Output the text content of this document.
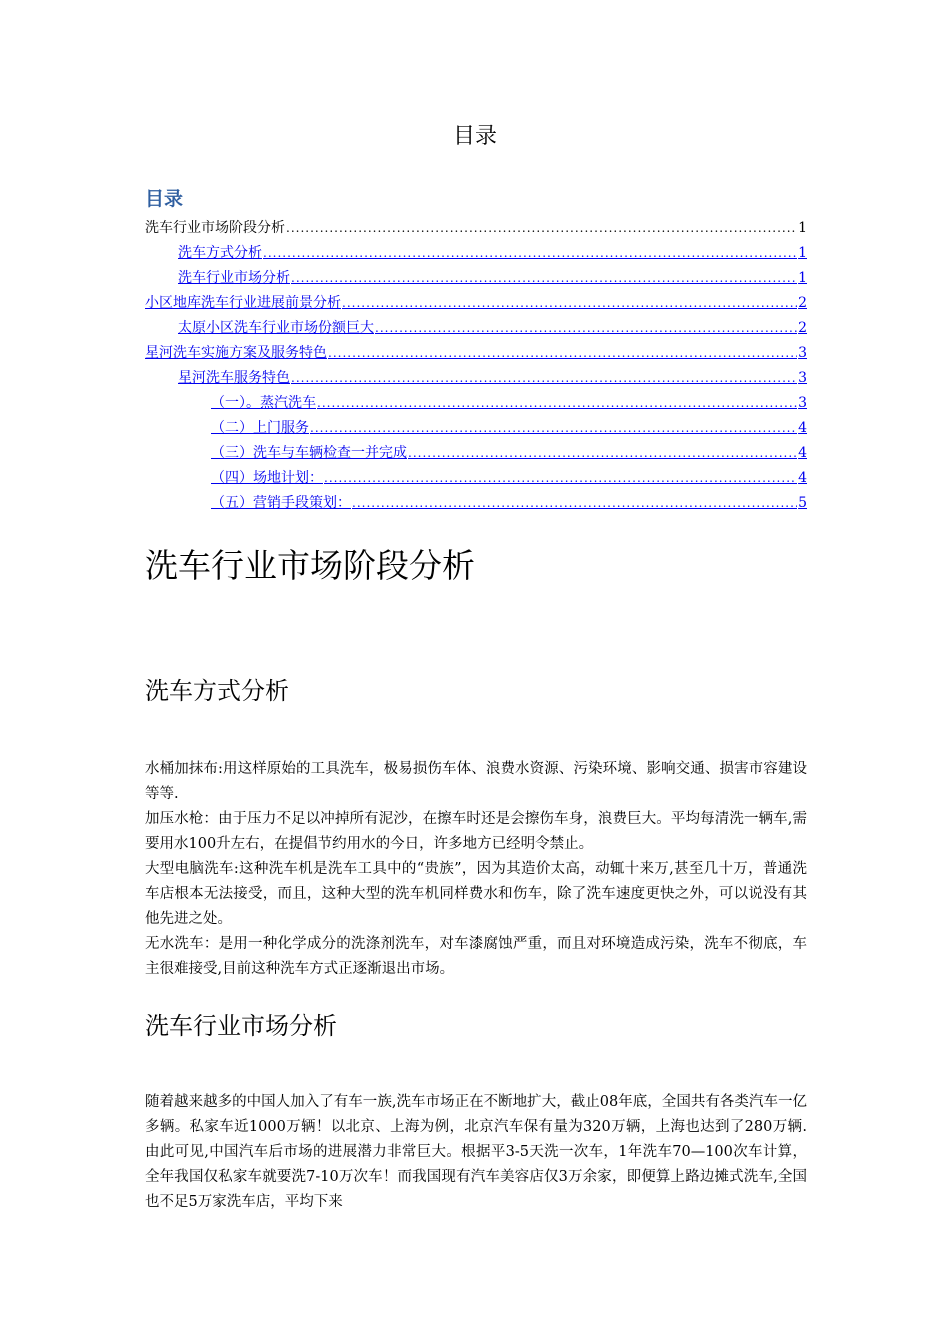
目录
目录
洗车行业市场阶段分析 .....	1
洗车方式分析 .....	1
洗车行业市场分析 .....	1
小区地库洗车行业进展前景分析 .....	2
太原小区洗车行业市场份额巨大 .....	2
星河洗车实施方案及服务特色 .....	3
星河洗车服务特色 .....	3
（一）。蒸汽洗车 .....	3
（二）上门服务 .....	4
（三）洗车与车辆检查一并完成 .....	4
（四）场地计划： .....	4
（五）营销手段策划： .....	5
洗车行业市场阶段分析
洗车方式分析

水桶加抹布:用这样原始的工具洗车，极易损伤车体、浪费水资源、污染环境、影响交通、损害市容建设等等.

加压水枪：由于压力不足以冲掉所有泥沙，在擦车时还是会擦伤车身，浪费巨大。平均每清洗一辆车,需要用水100升左右，在提倡节约用水的今日，许多地方已经明令禁止。

大型电脑洗车:这种洗车机是洗车工具中的“贵族”，因为其造价太高，动辄十来万,甚至几十万，普通洗车店根本无法接受，而且，这种大型的洗车机同样费水和伤车，除了洗车速度更快之外，可以说没有其他先进之处。

无水洗车：是用一种化学成分的洗涤剂洗车，对车漆腐蚀严重，而且对环境造成污染，洗车不彻底，车主很难接受,目前这种洗车方式正逐渐退出市场。

洗车行业市场分析

随着越来越多的中国人加入了有车一族,洗车市场正在不断地扩大，截止08年底，全国共有各类汽车一亿多辆。私家车近1000万辆！以北京、上海为例，北京汽车保有量为320万辆，上海也达到了280万辆.由此可见,中国汽车后市场的进展潜力非常巨大。根据平3-5天洗一次车，1年洗车70—100次车计算，全年我国仅私家车就要洗7-10万次车！而我国现有汽车美容店仅3万余家，即便算上路边摊式洗车,全国也不足5万家洗车店，平均下来
